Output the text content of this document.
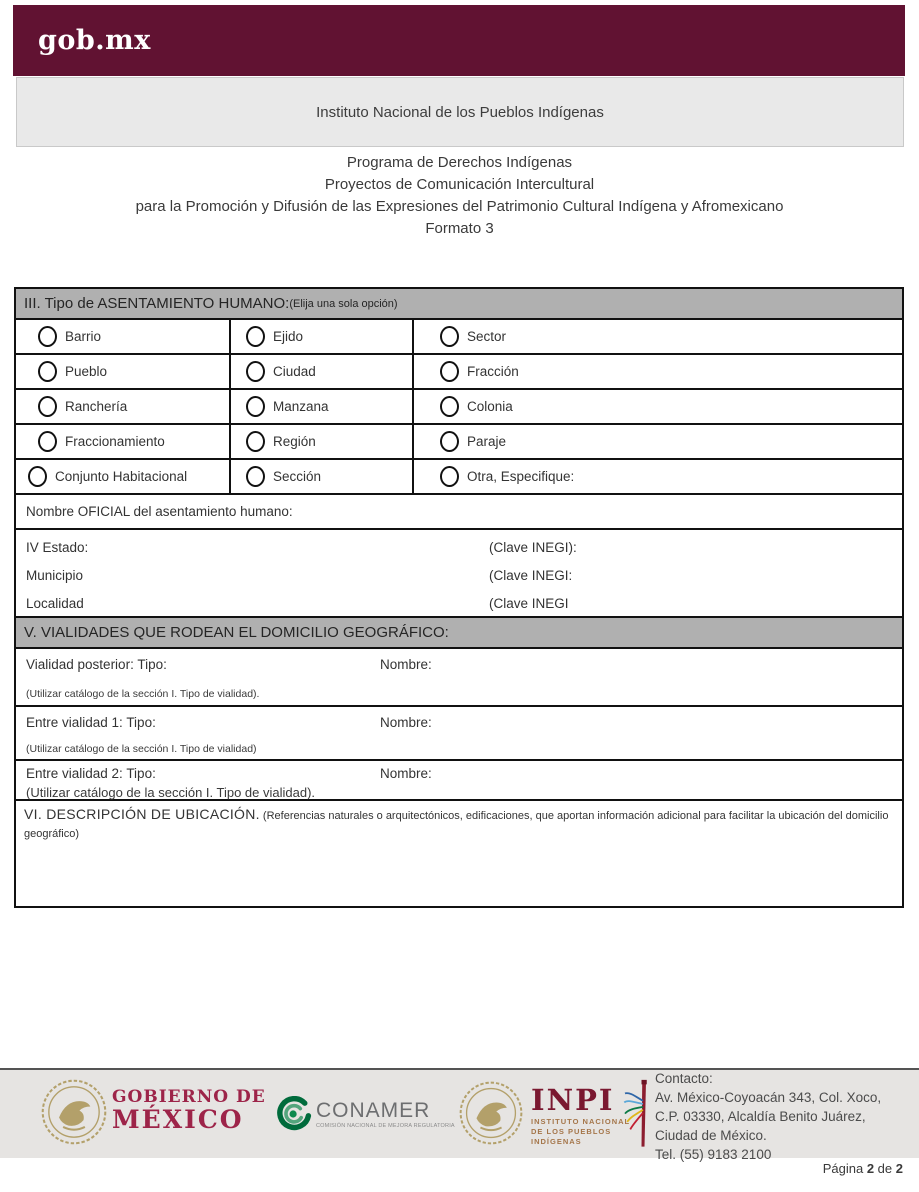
gob.mx
Instituto Nacional de los Pueblos Indígenas
Programa de Derechos Indígenas
Proyectos de Comunicación Intercultural
para la Promoción y Difusión de las Expresiones del Patrimonio Cultural Indígena y Afromexicano
Formato 3
III. Tipo de ASENTAMIENTO HUMANO: (Elija una sola opción)
Barrio	Ejido	Sector
Pueblo	Ciudad	Fracción
Ranchería	Manzana	Colonia
Fraccionamiento	Región	Paraje
Conjunto Habitacional	Sección	Otra, Especifique:
Nombre OFICIAL del asentamiento humano:
IV Estado:	(Clave INEGI):
Municipio	(Clave INEGI:
Localidad	(Clave INEGI
V. VIALIDADES QUE RODEAN EL DOMICILIO GEOGRÁFICO:
Vialidad posterior: Tipo:	Nombre:
(Utilizar catálogo de la sección I. Tipo de vialidad).
Entre vialidad 1: Tipo:	Nombre:
(Utilizar catálogo de la sección I. Tipo de vialidad)
Entre vialidad 2: Tipo:	Nombre:
(Utilizar catálogo de la sección I. Tipo de vialidad).
VI. DESCRIPCIÓN DE UBICACIÓN. (Referencias naturales o arquitectónicos, edificaciones, que aportan información adicional para facilitar la ubicación del domicilio geográfico)
GOBIERNO DE
MÉXICO	CONAMER
COMISIÓN NACIONAL DE MEJORA REGULATORIA
INPI
INSTITUTO NACIONAL
DE LOS PUEBLOS
INDÍGENAS
Contacto:
Av. México-Coyoacán 343, Col. Xoco,
C.P. 03330, Alcaldía Benito Juárez,
Ciudad de México.
Tel. (55) 9183 2100
Página 2 de 2
